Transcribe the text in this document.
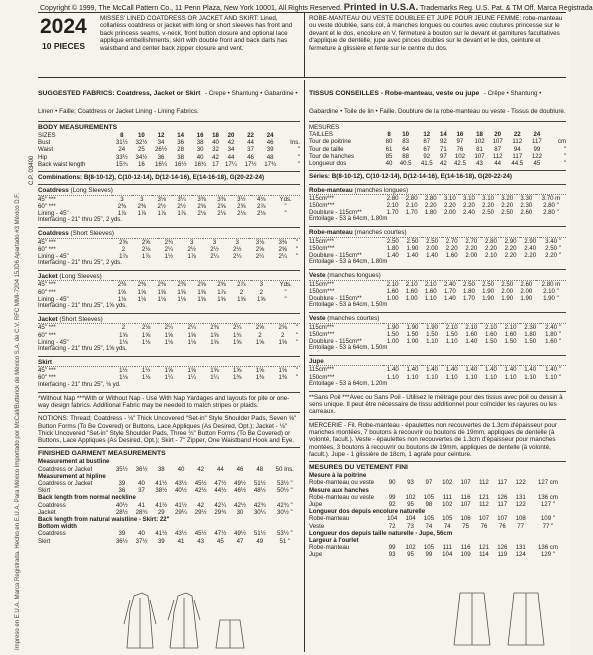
Copyright © 1999, The McCall Pattern Co., 11 Penn Plaza, New York 10001, All Rights Reserved. Printed in U.S.A. Trademarks Reg. U.S. Pat. & TM Off. Marca Registrada
Impreso en E.U.A. Marca Registrada. Hecho en E.U.A. Para México Importado por McCall/Butterick de México S.A. de C.V. RFC MMI-7204 15JD6 Apartado #3 México D.F.
C.P. 03400
2024
10 PIECES
MISSES' LINED COATDRESS OR JACKET AND SKIRT: Lined, collarless coatdress or jacket with long or short sleeves has front and back princess seams, v-neck, front button closure and optional lace applique embellishments; skirt with double front and back darts has waistband and center back zipper closure and vent.
ROBE-MANTEAU OU VESTE DOUBLEE ET JUPE POUR JEUNE FEMME: robe-manteau ou veste doublée, sans col, à manches longues ou courtes avec coutures princesse sur le devant et le dos, encolure en V, fermeture à bouton sur le devant et garnitures facultatives d'applique de dentelle; jupe avec pinces doubles sur le devant et le dos, ceinture et fermeture à glissière et fente sur le centre du dos.
SUGGESTED FABRICS: Coatdress, Jacket or Skirt - Crepe • Shantung • Gabardine • Linen • Faille; Coatdress or Jacket Lining - Lining Fabrics.
BODY MEASUREMENTS
SIZES	8	10	12	14	16	18	20	22	24	
Bust	31½	32½	34	36	38	40	42	44	46	Ins.
Waist	24	25	26½	28	30	32	34	37	39	"
Hip	33½	34½	36	38	40	42	44	46	48	"
Back waist length	15¾	16	16¼	16½	16¾	17	17¼	17½	17¾	"
Combinations: B(8-10-12), C(10-12-14), D(12-14-16), E(14-16-18), G(20-22-24)
Coatdress (Long Sleeves)
45" ***	3	3	3⅛	3¼	3⅜	3⅜	3½	4⅛	Yds.
60" ***	2⅜	2⅜	2½	2½	2⅝	2⅝	2⅝	2⅞	"
Lining - 45"	1⅞	1⅞	1⅞	1⅞	2⅛	2⅛	2⅛	2⅛	"
Interfacing - 21" thru 25", 2 yds.
Coatdress (Short Sleeves)
45" ***	2⅝	2⅝	2¾	3	3	3	3⅛	3⅜	"
60" ***	2	2⅛	2¼	2½	2½	2½	2⅝	2⅝	"
Lining - 45"	1⅞	1⅞	1½	1⅞	2¼	2¼	2¼	2¼	"
Interfacing - 21" thru 25", 2 yds.
Jacket (Long Sleeves)
45" ***	2⅜	2⅜	2⅜	2⅜	2⅝	2⅝	2⅞	3	Yds.
60" ***	1⅝	1⅝	1⅝	1⅝	1⅝	1⅞	2	2	"
Lining - 45"	1⅛	1⅛	1⅛	1⅛	1⅝	1⅝	1⅝	1⅝	"
Interfacing - 21" thru 25", 1⅝ yds.
Jacket (Short Sleeves)
45" ***	2	2⅛	2¼	2¼	2⅜	2¼	2⅝	2⅝	"
60" ***	1⅝	1⅝	1⅝	1⅝	1⅝	1¾	2	2	"
Lining - 45"	1⅛	1⅛	1⅛	1⅛	1⅝	1⅝	1⅝	1⅝	"
Interfacing - 21" thru 25", 1⅝ yds.
Skirt
45" ***	1½	1½	1⅝	1⅝	1⅝	1⅝	1⅝	1⅝	"
60" ***	1⅛	1⅛	1¼	1¼	1¼	1⅜	1⅜	1⅜	"
Interfacing - 21" thru 25", ⅛ yd.
*Without Nap ***With or Without Nap - Use With Nap Yardages and layouts for pile or one-way design fabrics. Additional Fabric may be needed to match stripes or plaids.
NOTIONS: Thread; Coatdress - ⅛" Thick Uncovered "Set-in" Style Shoulder Pads, Seven ⅝" Button Forms (To Be Covered) or Buttons, Lace Appliques (As Desired, Opt.); Jacket - ⅛" Thick Uncovered "Set-in" Style Shoulder Pads, Three ¾" Button Forms (To Be Covered) or Buttons, Lace Appliques (As Desired, Opt.); Skirt - 7" Zipper, One Waistband Hook and Eye.
FINISHED GARMENT MEASUREMENTS
Measurement at bustline									
Coatdress or Jacket	35½	36½	38	40	42	44	46	48	50 Ins.
Measurement at hipline									
Coatdress or Jacket	39	40	41½	43½	45½	47½	49½	51½	53½ "
Skirt	36	37	38½	40½	42½	44½	46½	48½	50½ "
Back length from normal neckline									
Coatdress	40½	41	41½	41½	42	42¼	42½	42¾	42¾ "
Jacket	28½	28¾	29	29¼	29½	29¾	30	30¼	30½ "
Back length from natural waistline - Skirt: 22"									
Bottom width									
Coatdress	39	40	41½	43½	45½	47½	49½	51½	53½ "
Skirt	36½	37½	39	41	43	45	47	49	51 "
TISSUS CONSEILLES - Robe-manteau, veste ou jupe - Crêpe • Shantung • Gabardine • Toile de lin • Faille. Doublure de la robe-manteau ou veste - Tissus de doublure.
MESURES										
TAILLES	8	10	12	14	16	18	20	22	24	
Tour de poitrine	80	83	87	92	97	102	107	112	117	cm
Tour de taille	61	64	67	71	76	81	87	94	99	"
Tour de hanches	85	88	92	97	102	107	112	117	122	"
Longueur dos	40	40.5	41.5	42	42.5	43	44	44.5	45	"
Séries: B(8-10-12), C(10-12-14), D(12-14-16), E(14-16-18), G(20-22-24)
Robe-manteau (manches longues)
115cm***	2.80	2.80	2.80	3.10	3.10	3.10	3.20	3.30	3.70 m
150cm***	2.10	2.10	2.20	2.20	2.20	2.20	2.20	2.30	2.80 "
Doublure - 115cm**	1.70	1.70	1.80	2.00	2.40	2.50	2.50	2.60	2.80 "
Entoilage - 53 à 64cm, 1.80m
Robe-manteau (manches courtes)
115cm***	2.50	2.50	2.50	2.70	2.70	2.80	2.90	2.90	3.40 "
150cm***	1.80	1.90	2.00	2.20	2.20	2.20	2.20	2.40	2.50 "
Doublure - 115cm**	1.40	1.40	1.40	1.60	2.00	2.10	2.20	2.20	2.20 "
Entoilage - 53 à 64cm, 1.80m
Veste (manches longues)
115cm***	2.10	2.10	2.10	2.40	2.50	2.50	2.50	2.60	2.80 m
150cm***	1.60	1.60	1.60	1.70	1.80	1.90	2.00	2.00	2.10 "
Doublure - 115cm**	1.00	1.00	1.10	1.40	1.70	1.90	1.90	1.90	1.90 "
Entoilage - 53 à 64cm, 1.50m
Veste (manches courtes)
115cm***	1.90	1.90	1.90	2.10	2.10	2.10	2.10	2.30	2.40 "
150cm***	1.50	1.50	1.50	1.50	1.60	1.60	1.60	1.80	1.80 "
Doublure - 115cm**	1.00	1.00	1.10	1.10	1.40	1.50	1.50	1.50	1.60 "
Entoilage - 53 à 64cm, 1.50m
Jupe
115cm***	1.40	1.40	1.40	1.40	1.40	1.40	1.40	1.40	1.40 "
150cm***	1.10	1.10	1.10	1.10	1.10	1.10	1.10	1.10	1.10 "
Entoilage - 53 à 64cm, 1.20m
**Sans Poil ***Avec ou Sans Poil - Utilisez le métrage pour des tissus avec poil ou dessin à sens unique. Il peut être nécessaire de tissu additionnel pour coïncider les rayures ou les carreaux.
MERCERIE - Fil. Robe-manteau - épaulettes non recouvertes de 1.3cm d'épaisseur pour manches montées, 7 boutons à recouvrir ou boutons de 19mm, appliques de dentelle (à volonté, facult.). Veste - épaulettes non recouvertes de 1.3cm d'épaisseur pour manches montées, 3 boutons à recouvrir ou boutons de 19mm, appliques de dentelle (à volonté, facult.). Jupe - 1 glissière de 18cm, 1 agrafe pour ceinture.
MESURES DU VETEMENT FINI
Mesure à la poitrine									
Robe-manteau ou veste	90	93	97	102	107	112	117	122	127 cm
Mesure aux hanches									
Robe-manteau ou veste	99	102	105	111	116	121	126	131	136 cm
Jupe	92	95	98	102	107	112	117	122	127 "
Longueur dos depuis encolure naturelle									
Robe-manteau	104	104	105	105	106	107	107	108	109 "
Veste	72	73	74	74	75	76	76	77	77 "
Longueur dos depuis taille naturelle - Jupe, 56cm									
Largeur à l'ourlet									
Robe-manteau	99	102	105	111	116	121	126	131	136 cm
Jupe	93	95	99	104	109	114	119	124	129 "
